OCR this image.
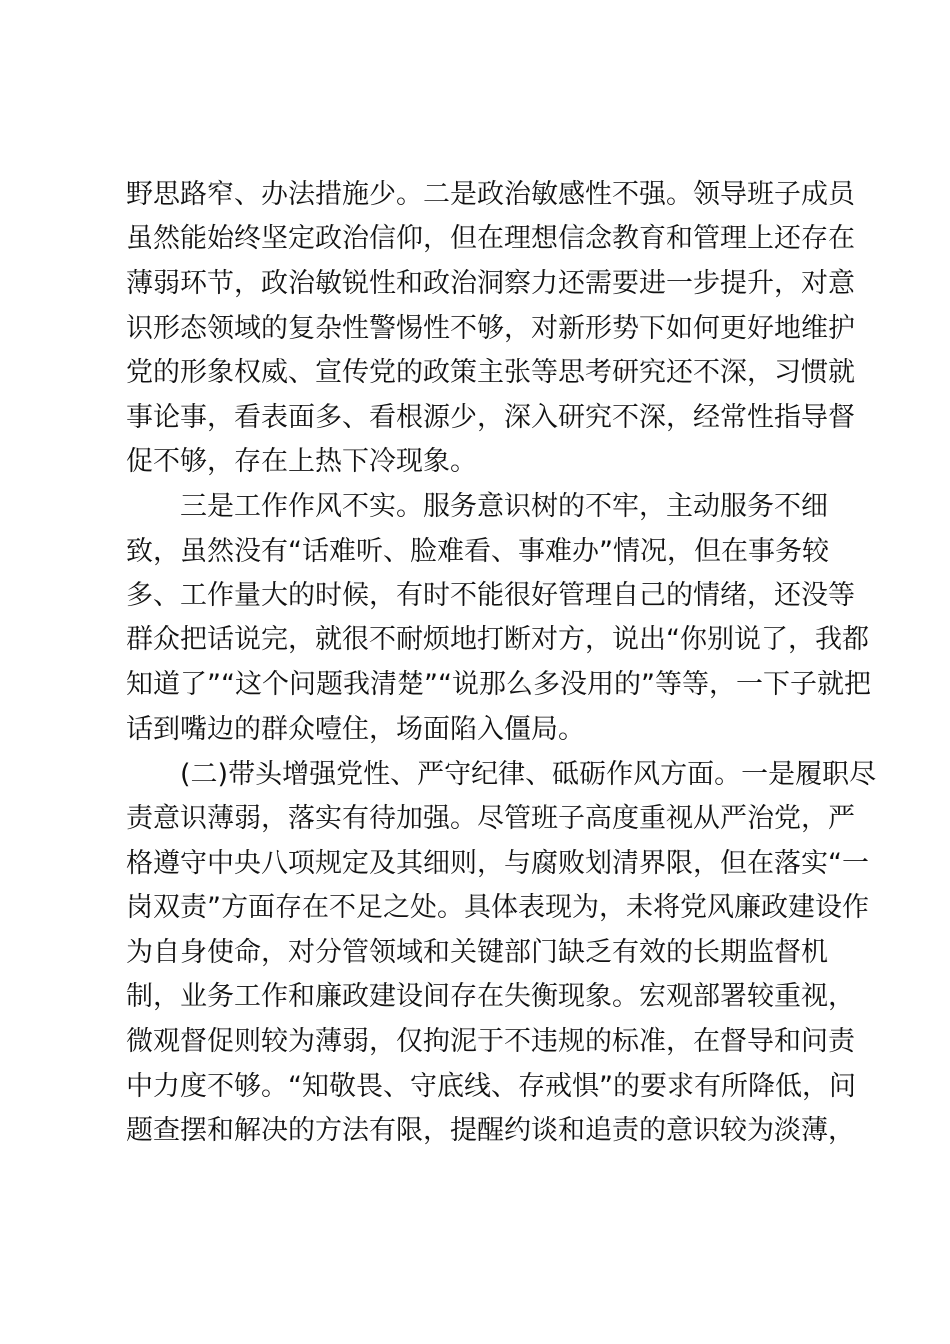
野思路窄、办法措施少。二是政治敏感性不强。领导班子成员
虽然能始终坚定政治信仰，但在理想信念教育和管理上还存在
薄弱环节，政治敏锐性和政治洞察力还需要进一步提升，对意
识形态领域的复杂性警惕性不够，对新形势下如何更好地维护
党的形象权威、宣传党的政策主张等思考研究还不深，习惯就
事论事，看表面多、看根源少，深入研究不深，经常性指导督
促不够，存在上热下冷现象。
三是工作作风不实。服务意识树的不牢，主动服务不细
致，虽然没有“话难听、脸难看、事难办”情况，但在事务较
多、工作量大的时候，有时不能很好管理自己的情绪，还没等
群众把话说完，就很不耐烦地打断对方，说出“你别说了，我都
知道了”“这个问题我清楚”“说那么多没用的”等等，一下子就把
话到嘴边的群众噎住，场面陷入僵局。
(二)带头增强党性、严守纪律、砥砺作风方面。一是履职尽
责意识薄弱，落实有待加强。尽管班子高度重视从严治党，严
格遵守中央八项规定及其细则，与腐败划清界限，但在落实“一
岗双责”方面存在不足之处。具体表现为，未将党风廉政建设作
为自身使命，对分管领域和关键部门缺乏有效的长期监督机
制，业务工作和廉政建设间存在失衡现象。宏观部署较重视，
微观督促则较为薄弱，仅拘泥于不违规的标准，在督导和问责
中力度不够。“知敬畏、守底线、存戒惧”的要求有所降低，问
题查摆和解决的方法有限，提醒约谈和追责的意识较为淡薄，
